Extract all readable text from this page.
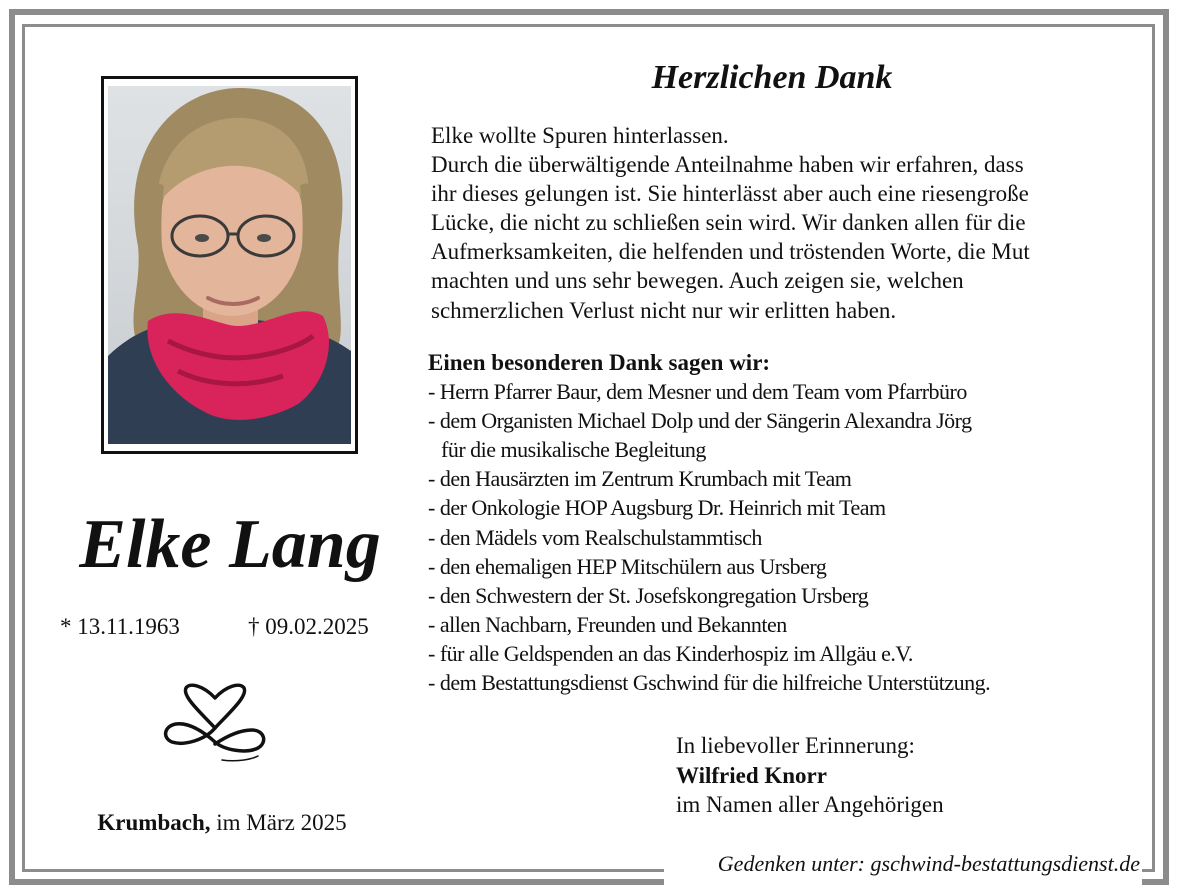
Gedenken unter: gschwind-bestattungsdienst.de
Elke Lang
* 13.11.1963	† 09.02.2025
Krumbach, im März 2025
Herzlichen Dank
Elke wollte Spuren hinterlassen.
Durch die überwältigende Anteilnahme haben wir erfahren, dass
ihr dieses gelungen ist. Sie hinterlässt aber auch eine riesengroße
Lücke, die nicht zu schließen sein wird. Wir danken allen für die
Aufmerksamkeiten, die helfenden und tröstenden Worte, die Mut
machten und uns sehr bewegen. Auch zeigen sie, welchen
schmerzlichen Verlust nicht nur wir erlitten haben.
Einen besonderen Dank sagen wir:
- Herrn Pfarrer Baur, dem Mesner und dem Team vom Pfarrbüro
- dem Organisten Michael Dolp und der Sängerin Alexandra Jörg
für die musikalische Begleitung
- den Hausärzten im Zentrum Krumbach mit Team
- der Onkologie HOP Augsburg Dr. Heinrich mit Team
- den Mädels vom Realschulstammtisch
- den ehemaligen HEP Mitschülern aus Ursberg
- den Schwestern der St. Josefskongregation Ursberg
- allen Nachbarn, Freunden und Bekannten
- für alle Geldspenden an das Kinderhospiz im Allgäu e.V.
- dem Bestattungsdienst Gschwind für die hilfreiche Unterstützung.
In liebevoller Erinnerung:
Wilfried Knorr
im Namen aller Angehörigen
